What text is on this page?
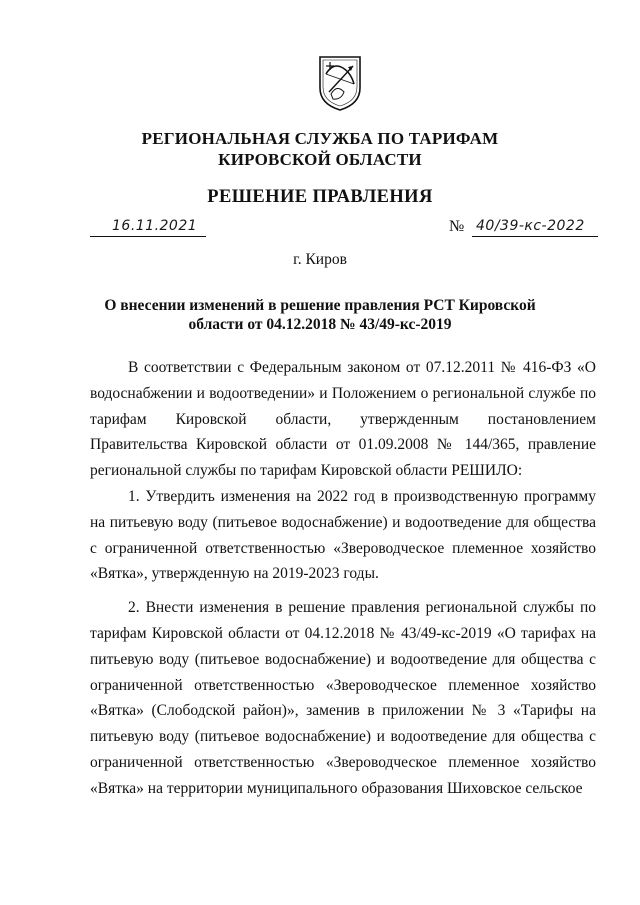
РЕГИОНАЛЬНАЯ СЛУЖБА ПО ТАРИФАМ
КИРОВСКОЙ ОБЛАСТИ
РЕШЕНИЕ ПРАВЛЕНИЯ
16.11.2021	№ 40/39-кс-2022
г. Киров
О внесении изменений в решение правления РСТ Кировской
области от 04.12.2018 № 43/49-кс-2019

В соответствии с Федеральным законом от 07.12.2011 № 416-ФЗ «О водоснабжении и водоотведении» и Положением о региональной службе по тарифам Кировской области, утвержденным постановлением Правительства Кировской области от 01.09.2008 № 144/365, правление региональной службы по тарифам Кировской области РЕШИЛО:

1. Утвердить изменения на 2022 год в производственную программу на питьевую воду (питьевое водоснабжение) и водоотведение для общества с ограниченной ответственностью «Звероводческое племенное хозяйство «Вятка», утвержденную на 2019-2023 годы.

2. Внести изменения в решение правления региональной службы по тарифам Кировской области от 04.12.2018 № 43/49-кс-2019 «О тарифах на питьевую воду (питьевое водоснабжение) и водоотведение для общества с ограниченной ответственностью «Звероводческое племенное хозяйство «Вятка» (Слободской район)», заменив в приложении № 3 «Тарифы на питьевую воду (питьевое водоснабжение) и водоотведение для общества с ограниченной ответственностью «Звероводческое племенное хозяйство «Вятка» на территории муниципального образования Шиховское сельское
